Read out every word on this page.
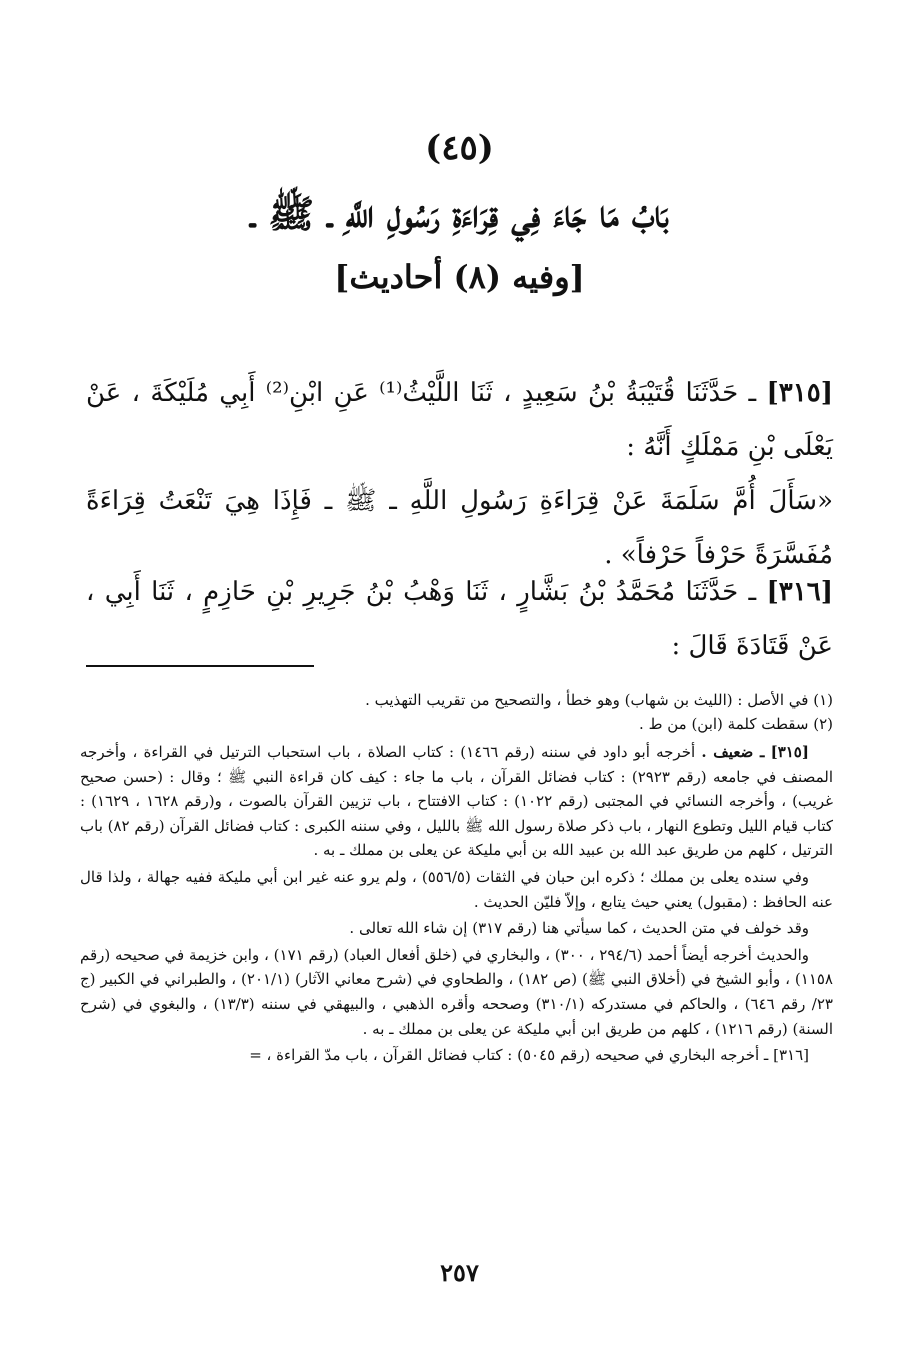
(٤٥)
بَابُ مَا جَاءَ فِي قِرَاءَةِ رَسُولِ اللَّهِ ـ ﷺ ـ
[وفيه (٨) أحاديث]

[٣١٥] ـ حَدَّثَنَا قُتَيْبَةُ بْنُ سَعِيدٍ ، ثَنَا اللَّيْثُ⁽¹⁾ عَنِ ابْنِ⁽²⁾ أَبِي مُلَيْكَةَ ، عَنْ يَعْلَى بْنِ مَمْلَكٍ أَنَّهُ :

«سَأَلَ أُمَّ سَلَمَةَ عَنْ قِرَاءَةِ رَسُولِ اللَّهِ ـ ﷺ ـ فَإِذَا هِيَ تَنْعَتُ قِرَاءَةً مُفَسَّرَةً حَرْفاً حَرْفاً» .

[٣١٦] ـ حَدَّثَنَا مُحَمَّدُ بْنُ بَشَّارٍ ، ثَنَا وَهْبُ بْنُ جَرِيرِ بْنِ حَازِمٍ ، ثَنَا أَبِي ، عَنْ قَتَادَةَ قَالَ :

(١) في الأصل : (الليث بن شهاب) وهو خطأ ، والتصحيح من تقريب التهذيب .

(٢) سقطت كلمة (ابن) من ط .

[٣١٥] ـ ضعيف . أخرجه أبو داود في سننه (رقم ١٤٦٦) : كتاب الصلاة ، باب استحباب الترتيل في القراءة ، وأخرجه المصنف في جامعه (رقم ٢٩٢٣) : كتاب فضائل القرآن ، باب ما جاء : كيف كان قراءة النبي ﷺ ؛ وقال : (حسن صحيح غريب) ، وأخرجه النسائي في المجتبى (رقم ١٠٢٢) : كتاب الافتتاح ، باب تزيين القرآن بالصوت ، و(رقم ١٦٢٨ ، ١٦٢٩) : كتاب قيام الليل وتطوع النهار ، باب ذكر صلاة رسول الله ﷺ بالليل ، وفي سننه الكبرى : كتاب فضائل القرآن (رقم ٨٢) باب الترتيل ، كلهم من طريق عبد الله بن عبيد الله بن أبي مليكة عن يعلى بن مملك ـ به .

وفي سنده يعلى بن مملك ؛ ذكره ابن حبان في الثقات (٥٥٦/٥) ، ولم يرو عنه غير ابن أبي مليكة ففيه جهالة ، ولذا قال عنه الحافظ : (مقبول) يعني حيث يتابع ، وإلاّ فليّن الحديث .

وقد خولف في متن الحديث ، كما سيأتي هنا (رقم ٣١٧) إن شاء الله تعالى .

والحديث أخرجه أيضاً أحمد (٢٩٤/٦ ، ٣٠٠) ، والبخاري في (خلق أفعال العباد) (رقم ١٧١) ، وابن خزيمة في صحيحه (رقم ١١٥٨) ، وأبو الشيخ في (أخلاق النبي ﷺ) (ص ١٨٢) ، والطحاوي في (شرح معاني الآثار) (٢٠١/١) ، والطبراني في الكبير (ج ٢٣/ رقم ٦٤٦) ، والحاكم في مستدركه (٣١٠/١) وصححه وأقره الذهبي ، والبيهقي في سننه (١٣/٣) ، والبغوي في (شرح السنة) (رقم ١٢١٦) ، كلهم من طريق ابن أبي مليكة عن يعلى بن مملك ـ به .

[٣١٦] ـ أخرجه البخاري في صحيحه (رقم ٥٠٤٥) : كتاب فضائل القرآن ، باب مدّ القراءة ، =

٢٥٧
